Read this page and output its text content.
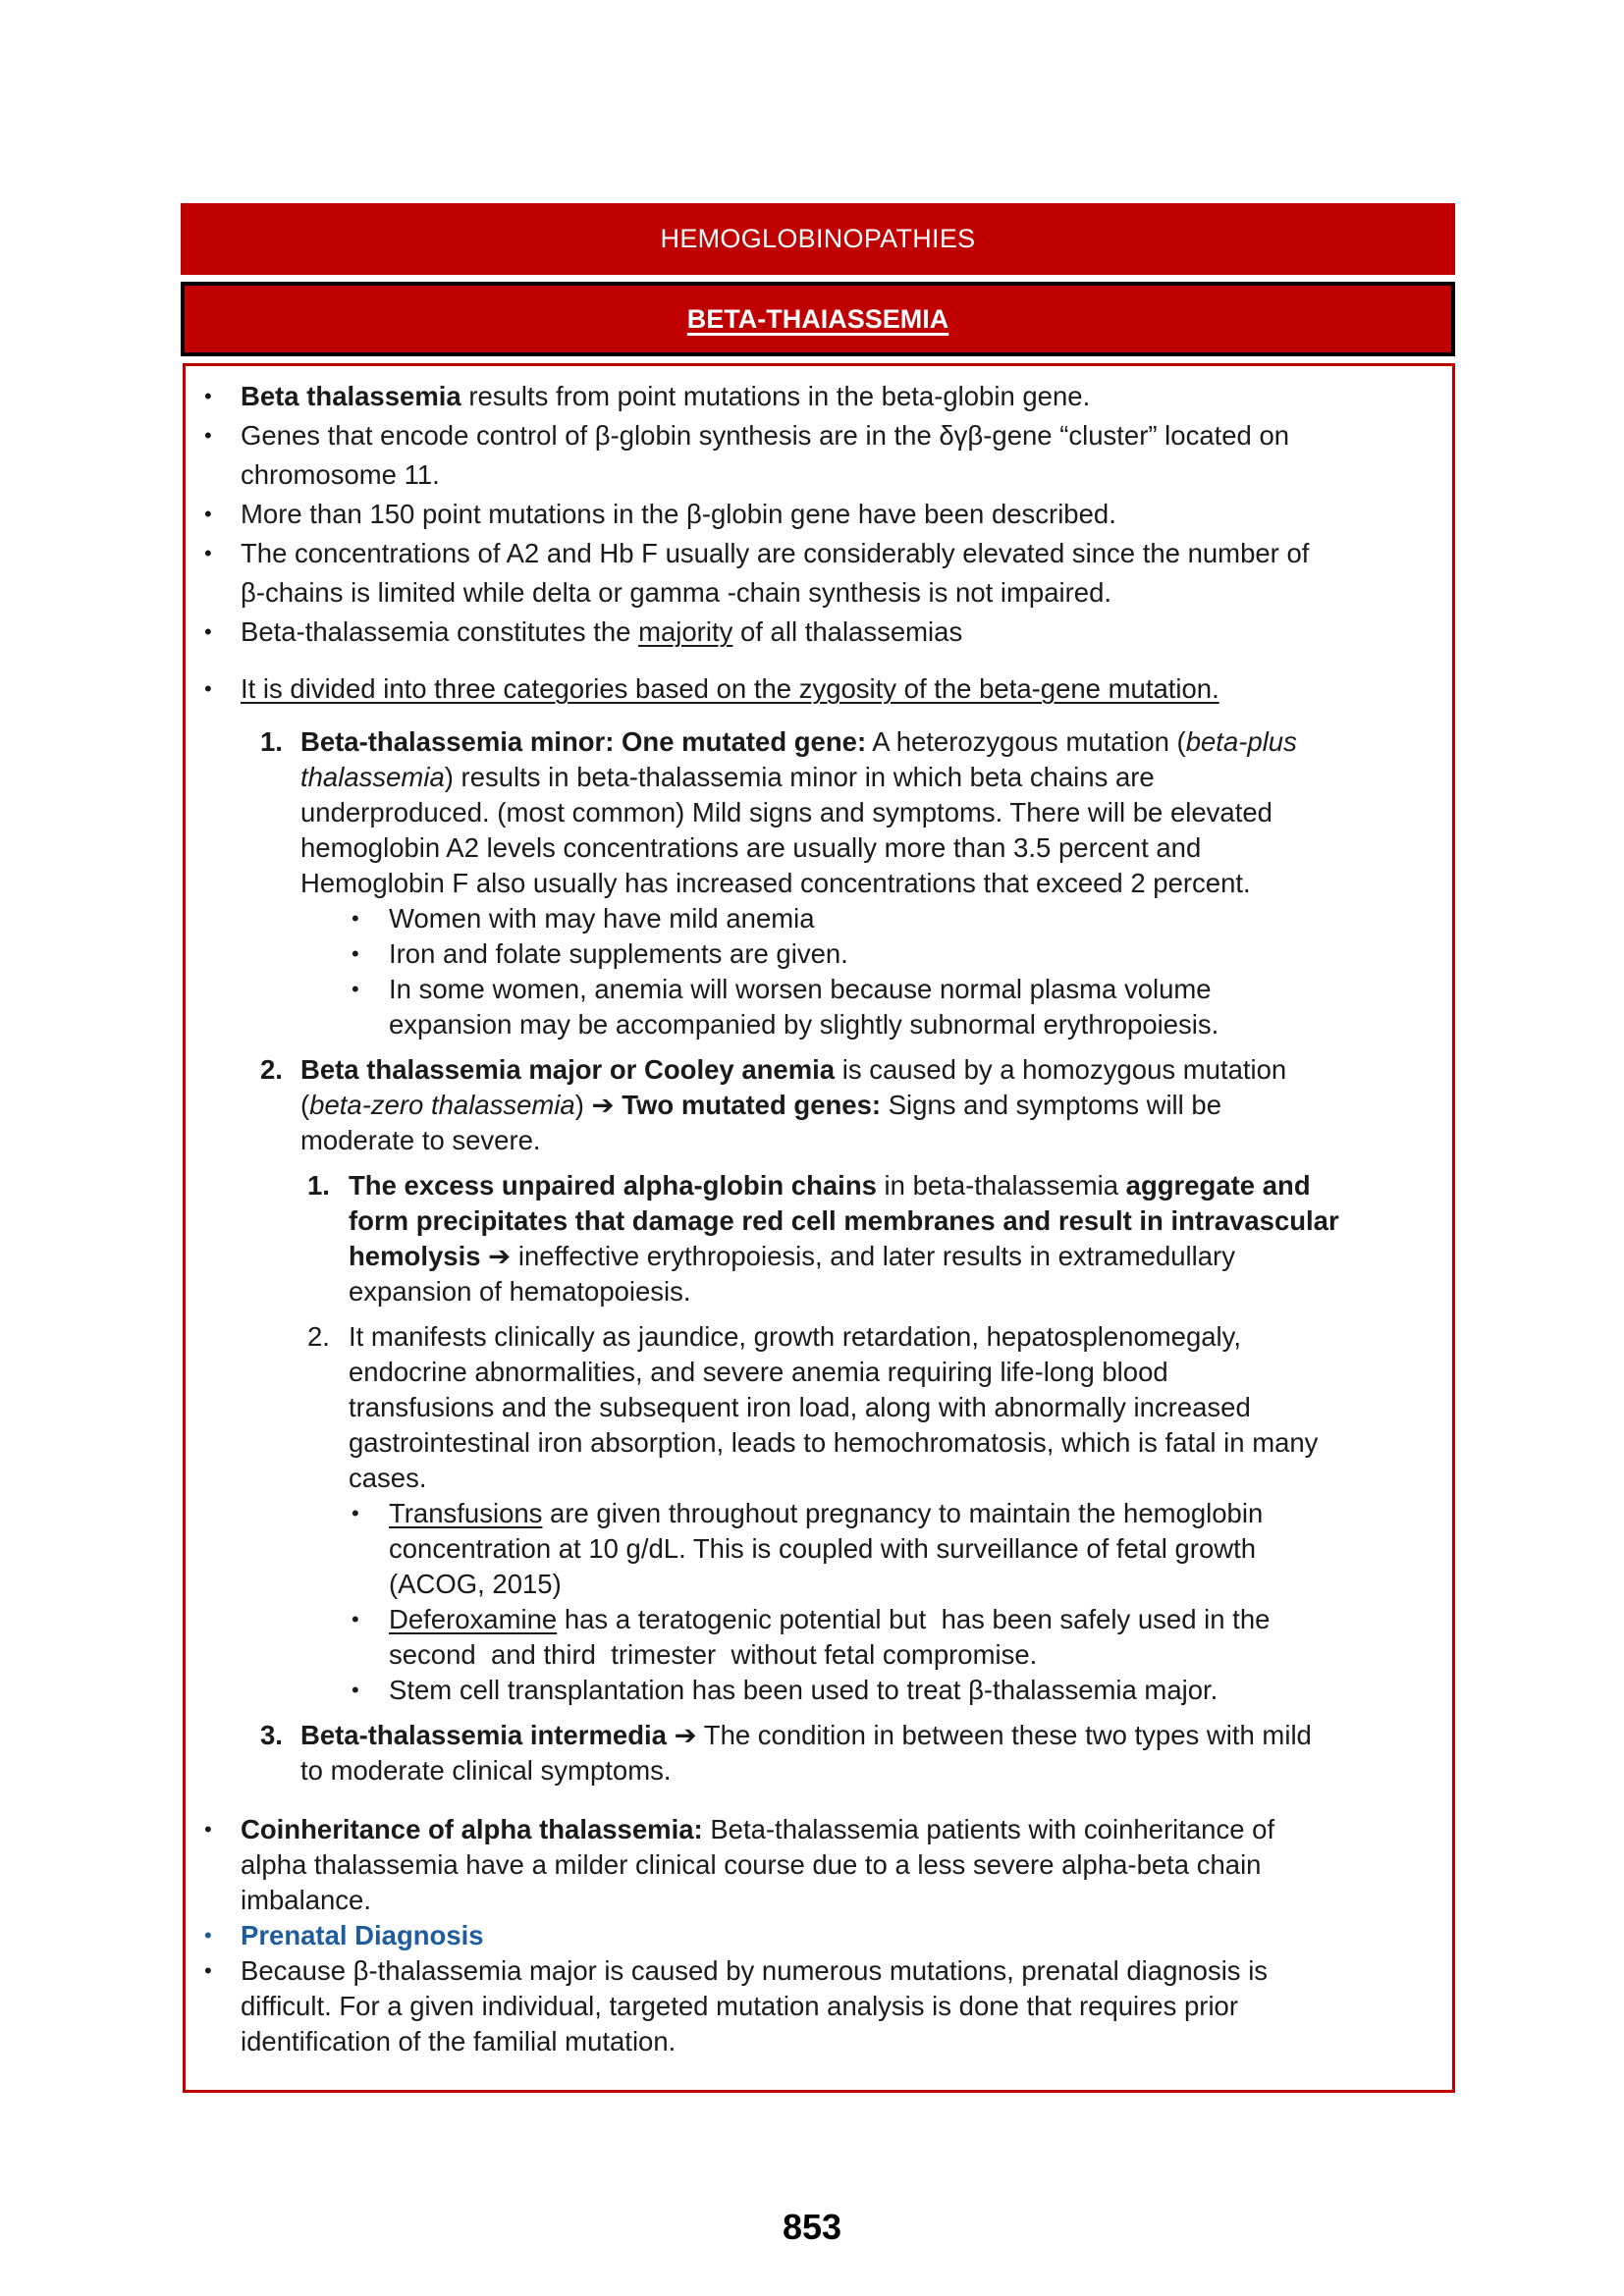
HEMOGLOBINOPATHIES
BETA-THAIASSEMIA
• Beta thalassemia results from point mutations in the beta-globin gene.
• Genes that encode control of β-globin synthesis are in the δγβ-gene “cluster” located on
chromosome 11.
• More than 150 point mutations in the β-globin gene have been described.
• The concentrations of A2 and Hb F usually are considerably elevated since the number of
β-chains is limited while delta or gamma -chain synthesis is not impaired.
• Beta-thalassemia constitutes the majority of all thalassemias
• It is divided into three categories based on the zygosity of the beta-gene mutation.
1. Beta-thalassemia minor: One mutated gene: A heterozygous mutation (beta-plus
thalassemia) results in beta-thalassemia minor in which beta chains are
underproduced. (most common) Mild signs and symptoms. There will be elevated
hemoglobin A2 levels concentrations are usually more than 3.5 percent and
Hemoglobin F also usually has increased concentrations that exceed 2 percent.
• Women with may have mild anemia
• Iron and folate supplements are given.
• In some women, anemia will worsen because normal plasma volume
expansion may be accompanied by slightly subnormal erythropoiesis.
2. Beta thalassemia major or Cooley anemia is caused by a homozygous mutation
(beta-zero thalassemia) ➔ Two mutated genes: Signs and symptoms will be
moderate to severe.
1. The excess unpaired alpha-globin chains in beta-thalassemia aggregate and
form precipitates that damage red cell membranes and result in intravascular
hemolysis ➔ ineffective erythropoiesis, and later results in extramedullary
expansion of hematopoiesis.
2. It manifests clinically as jaundice, growth retardation, hepatosplenomegaly,
endocrine abnormalities, and severe anemia requiring life-long blood
transfusions and the subsequent iron load, along with abnormally increased
gastrointestinal iron absorption, leads to hemochromatosis, which is fatal in many
cases.
• Transfusions are given throughout pregnancy to maintain the hemoglobin
concentration at 10 g/dL. This is coupled with surveillance of fetal growth
(ACOG, 2015)
• Deferoxamine has a teratogenic potential but  has been safely used in the
second  and third  trimester  without fetal compromise.
• Stem cell transplantation has been used to treat β-thalassemia major.
3. Beta-thalassemia intermedia ➔ The condition in between these two types with mild
to moderate clinical symptoms.
• Coinheritance of alpha thalassemia: Beta-thalassemia patients with coinheritance of
alpha thalassemia have a milder clinical course due to a less severe alpha-beta chain
imbalance.
• Prenatal Diagnosis
• Because β-thalassemia major is caused by numerous mutations, prenatal diagnosis is
difficult. For a given individual, targeted mutation analysis is done that requires prior
identification of the familial mutation.
853
